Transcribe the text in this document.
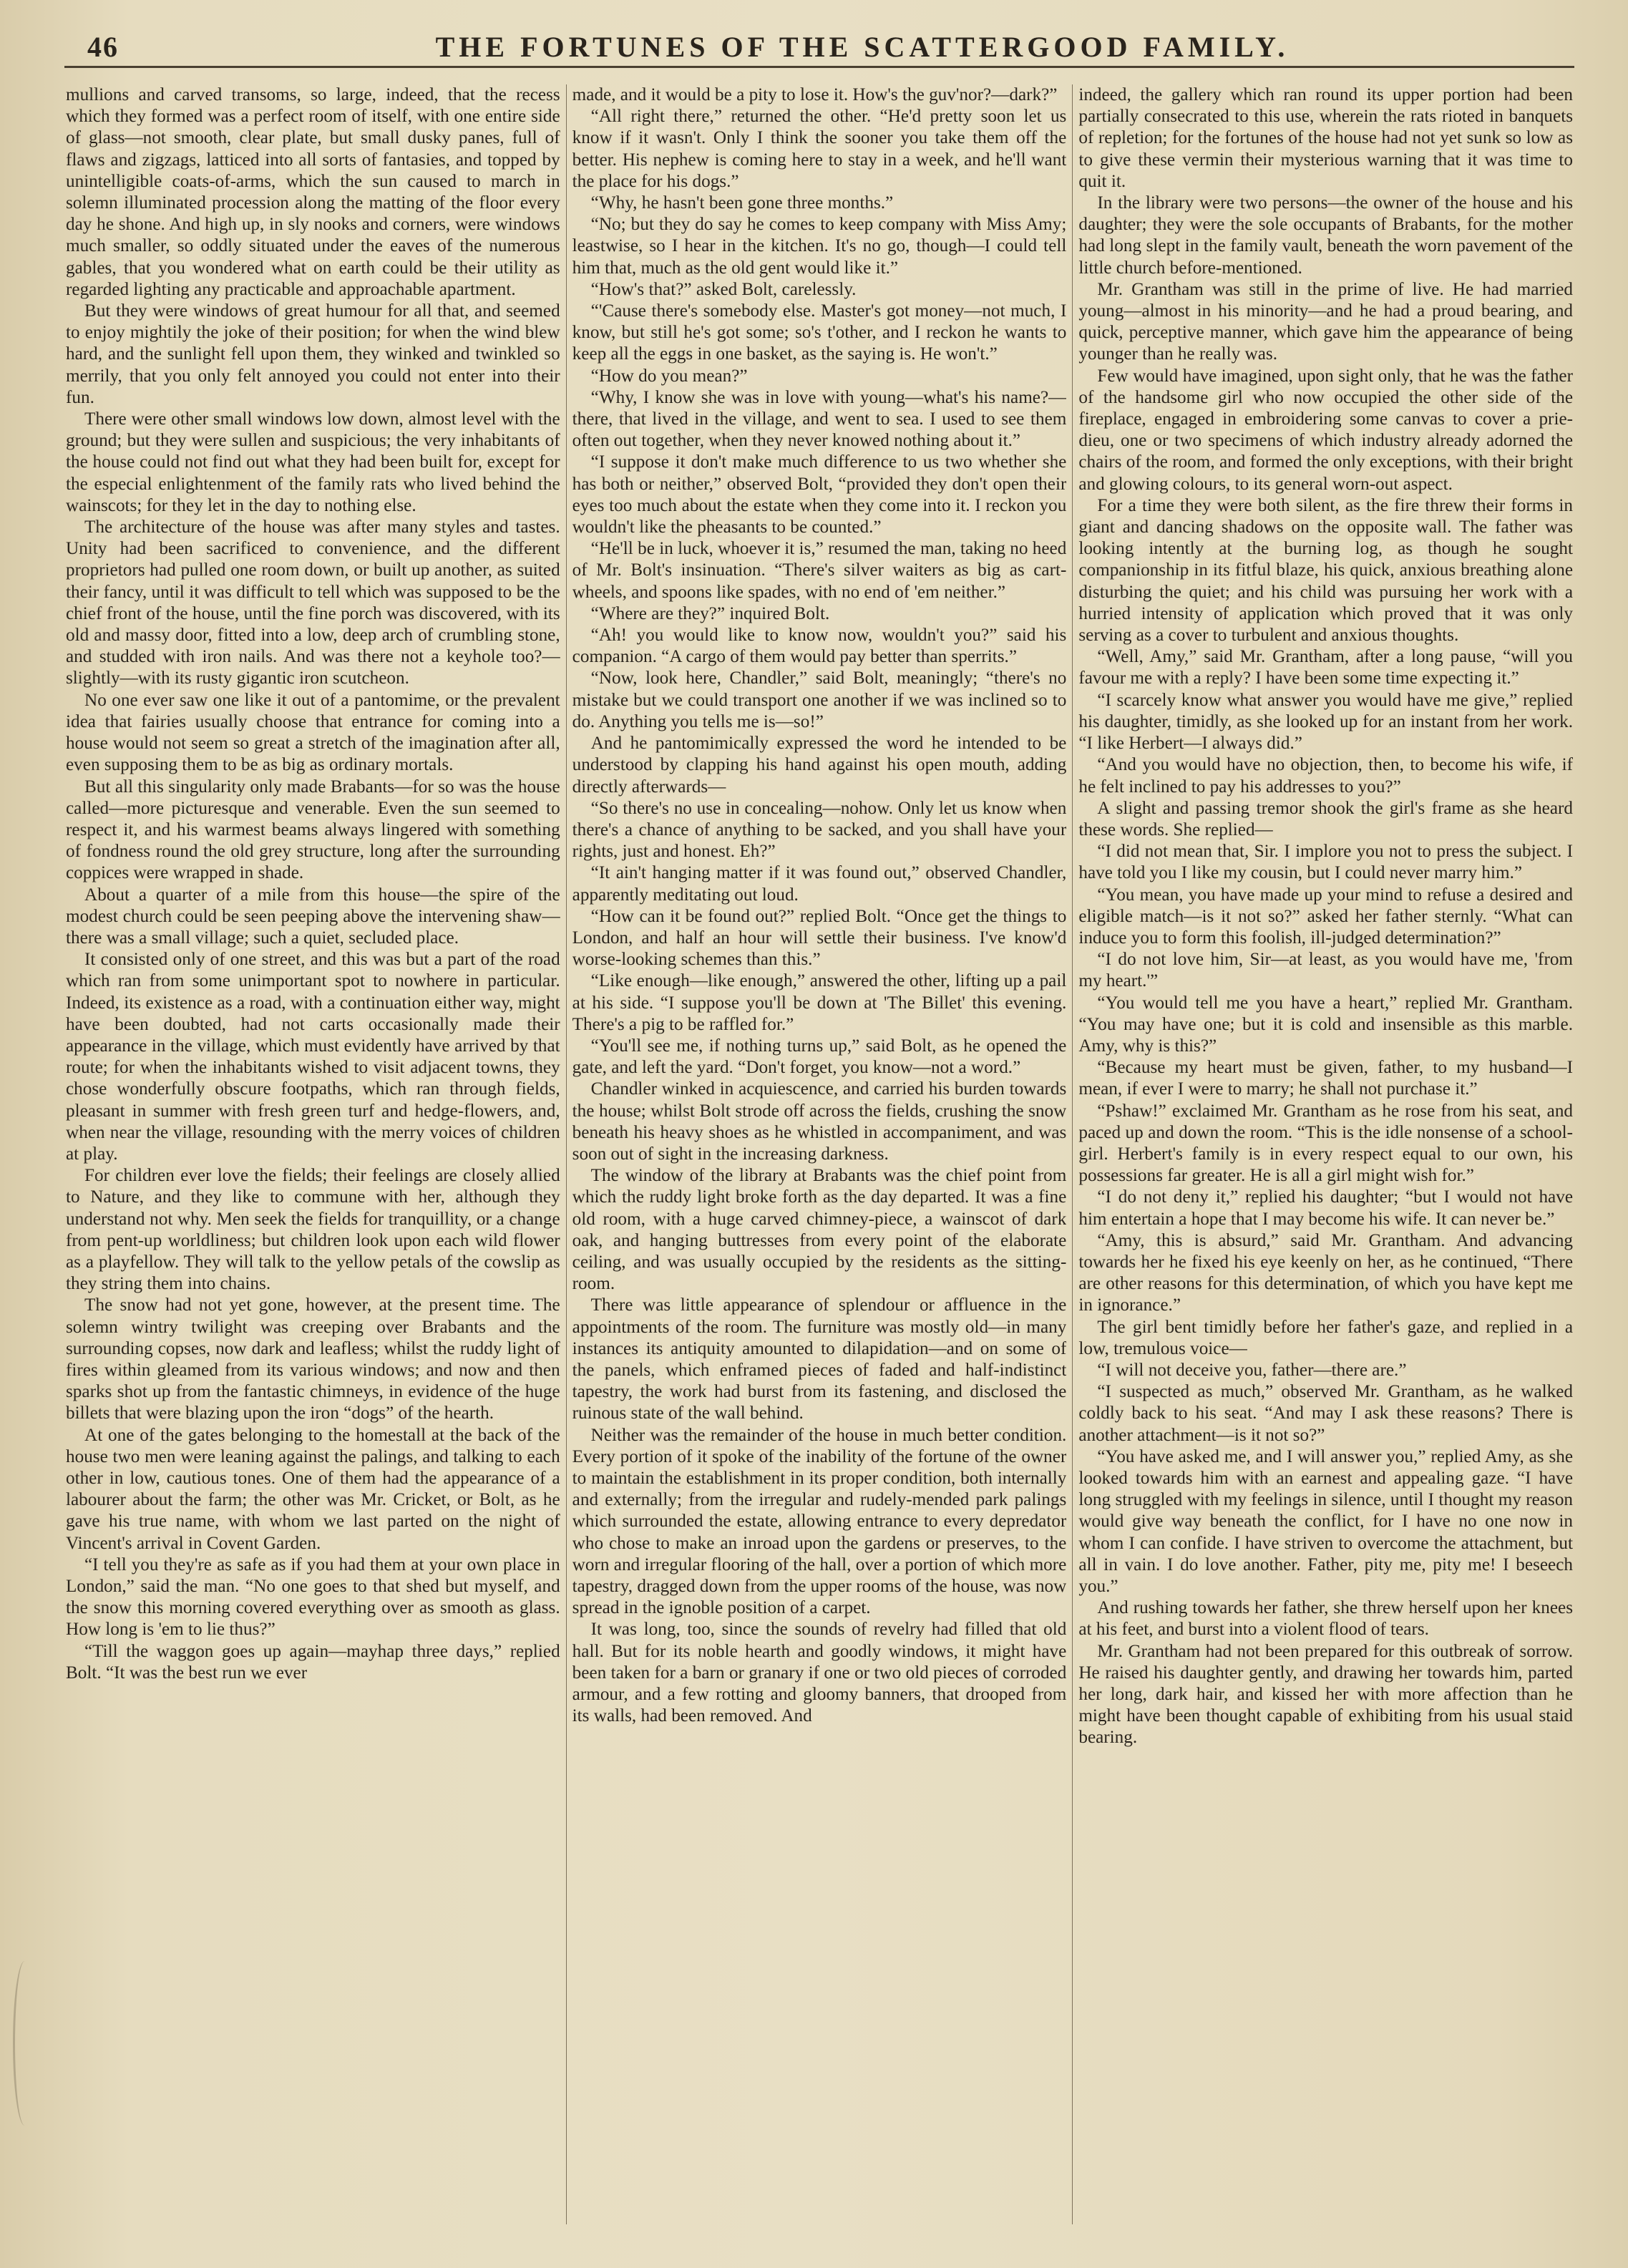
46	THE FORTUNES OF THE SCATTERGOOD FAMILY.

mullions and carved transoms, so large, indeed, that the recess which they formed was a perfect room of itself, with one entire side of glass—not smooth, clear plate, but small dusky panes, full of flaws and zigzags, latticed into all sorts of fantasies, and topped by unintelligible coats-of-arms, which the sun caused to march in solemn illuminated procession along the matting of the floor every day he shone. And high up, in sly nooks and corners, were windows much smaller, so oddly situated under the eaves of the numerous gables, that you wondered what on earth could be their utility as regarded lighting any practicable and approachable apartment.

But they were windows of great humour for all that, and seemed to enjoy mightily the joke of their position; for when the wind blew hard, and the sunlight fell upon them, they winked and twinkled so merrily, that you only felt annoyed you could not enter into their fun.

There were other small windows low down, almost level with the ground; but they were sullen and suspicious; the very inhabitants of the house could not find out what they had been built for, except for the especial enlightenment of the family rats who lived behind the wainscots; for they let in the day to nothing else.

The architecture of the house was after many styles and tastes. Unity had been sacrificed to convenience, and the different proprietors had pulled one room down, or built up another, as suited their fancy, until it was difficult to tell which was supposed to be the chief front of the house, until the fine porch was discovered, with its old and massy door, fitted into a low, deep arch of crumbling stone, and studded with iron nails. And was there not a keyhole too?—slightly—with its rusty gigantic iron scutcheon.

No one ever saw one like it out of a pantomime, or the prevalent idea that fairies usually choose that entrance for coming into a house would not seem so great a stretch of the imagination after all, even supposing them to be as big as ordinary mortals.

But all this singularity only made Brabants—for so was the house called—more picturesque and venerable. Even the sun seemed to respect it, and his warmest beams always lingered with something of fondness round the old grey structure, long after the surrounding coppices were wrapped in shade.

About a quarter of a mile from this house—the spire of the modest church could be seen peeping above the intervening shaw—there was a small village; such a quiet, secluded place.

It consisted only of one street, and this was but a part of the road which ran from some unimportant spot to nowhere in particular. Indeed, its existence as a road, with a continuation either way, might have been doubted, had not carts occasionally made their appearance in the village, which must evidently have arrived by that route; for when the inhabitants wished to visit adjacent towns, they chose wonderfully obscure footpaths, which ran through fields, pleasant in summer with fresh green turf and hedge-flowers, and, when near the village, resounding with the merry voices of children at play.

For children ever love the fields; their feelings are closely allied to Nature, and they like to commune with her, although they understand not why. Men seek the fields for tranquillity, or a change from pent-up worldliness; but children look upon each wild flower as a playfellow. They will talk to the yellow petals of the cowslip as they string them into chains.

The snow had not yet gone, however, at the present time. The solemn wintry twilight was creeping over Brabants and the surrounding copses, now dark and leafless; whilst the ruddy light of fires within gleamed from its various windows; and now and then sparks shot up from the fantastic chimneys, in evidence of the huge billets that were blazing upon the iron “dogs” of the hearth.

At one of the gates belonging to the homestall at the back of the house two men were leaning against the palings, and talking to each other in low, cautious tones. One of them had the appearance of a labourer about the farm; the other was Mr. Cricket, or Bolt, as he gave his true name, with whom we last parted on the night of Vincent's arrival in Covent Garden.

“I tell you they're as safe as if you had them at your own place in London,” said the man. “No one goes to that shed but myself, and the snow this morning covered everything over as smooth as glass. How long is 'em to lie thus?”

“Till the waggon goes up again—mayhap three days,” replied Bolt. “It was the best run we ever

made, and it would be a pity to lose it. How's the guv'nor?—dark?”

“All right there,” returned the other. “He'd pretty soon let us know if it wasn't. Only I think the sooner you take them off the better. His nephew is coming here to stay in a week, and he'll want the place for his dogs.”

“Why, he hasn't been gone three months.”

“No; but they do say he comes to keep company with Miss Amy; leastwise, so I hear in the kitchen. It's no go, though—I could tell him that, much as the old gent would like it.”

“How's that?” asked Bolt, carelessly.

“'Cause there's somebody else. Master's got money—not much, I know, but still he's got some; so's t'other, and I reckon he wants to keep all the eggs in one basket, as the saying is. He won't.”

“How do you mean?”

“Why, I know she was in love with young—what's his name?—there, that lived in the village, and went to sea. I used to see them often out together, when they never knowed nothing about it.”

“I suppose it don't make much difference to us two whether she has both or neither,” observed Bolt, “provided they don't open their eyes too much about the estate when they come into it. I reckon you wouldn't like the pheasants to be counted.”

“He'll be in luck, whoever it is,” resumed the man, taking no heed of Mr. Bolt's insinuation. “There's silver waiters as big as cart-wheels, and spoons like spades, with no end of 'em neither.”

“Where are they?” inquired Bolt.

“Ah! you would like to know now, wouldn't you?” said his companion. “A cargo of them would pay better than sperrits.”

“Now, look here, Chandler,” said Bolt, meaningly; “there's no mistake but we could transport one another if we was inclined so to do. Anything you tells me is—so!”

And he pantomimically expressed the word he intended to be understood by clapping his hand against his open mouth, adding directly afterwards—

“So there's no use in concealing—nohow. Only let us know when there's a chance of anything to be sacked, and you shall have your rights, just and honest. Eh?”

“It ain't hanging matter if it was found out,” observed Chandler, apparently meditating out loud.

“How can it be found out?” replied Bolt. “Once get the things to London, and half an hour will settle their business. I've know'd worse-looking schemes than this.”

“Like enough—like enough,” answered the other, lifting up a pail at his side. “I suppose you'll be down at 'The Billet' this evening. There's a pig to be raffled for.”

“You'll see me, if nothing turns up,” said Bolt, as he opened the gate, and left the yard. “Don't forget, you know—not a word.”

Chandler winked in acquiescence, and carried his burden towards the house; whilst Bolt strode off across the fields, crushing the snow beneath his heavy shoes as he whistled in accompaniment, and was soon out of sight in the increasing darkness.

The window of the library at Brabants was the chief point from which the ruddy light broke forth as the day departed. It was a fine old room, with a huge carved chimney-piece, a wainscot of dark oak, and hanging buttresses from every point of the elaborate ceiling, and was usually occupied by the residents as the sitting-room.

There was little appearance of splendour or affluence in the appointments of the room. The furniture was mostly old—in many instances its antiquity amounted to dilapidation—and on some of the panels, which enframed pieces of faded and half-indistinct tapestry, the work had burst from its fastening, and disclosed the ruinous state of the wall behind.

Neither was the remainder of the house in much better condition. Every portion of it spoke of the inability of the fortune of the owner to maintain the establishment in its proper condition, both internally and externally; from the irregular and rudely-mended park palings which surrounded the estate, allowing entrance to every depredator who chose to make an inroad upon the gardens or preserves, to the worn and irregular flooring of the hall, over a portion of which more tapestry, dragged down from the upper rooms of the house, was now spread in the ignoble position of a carpet.

It was long, too, since the sounds of revelry had filled that old hall. But for its noble hearth and goodly windows, it might have been taken for a barn or granary if one or two old pieces of corroded armour, and a few rotting and gloomy banners, that drooped from its walls, had been removed. And

indeed, the gallery which ran round its upper portion had been partially consecrated to this use, wherein the rats rioted in banquets of repletion; for the fortunes of the house had not yet sunk so low as to give these vermin their mysterious warning that it was time to quit it.

In the library were two persons—the owner of the house and his daughter; they were the sole occupants of Brabants, for the mother had long slept in the family vault, beneath the worn pavement of the little church before-mentioned.

Mr. Grantham was still in the prime of live. He had married young—almost in his minority—and he had a proud bearing, and quick, perceptive manner, which gave him the appearance of being younger than he really was.

Few would have imagined, upon sight only, that he was the father of the handsome girl who now occupied the other side of the fireplace, engaged in embroidering some canvas to cover a prie-dieu, one or two specimens of which industry already adorned the chairs of the room, and formed the only exceptions, with their bright and glowing colours, to its general worn-out aspect.

For a time they were both silent, as the fire threw their forms in giant and dancing shadows on the opposite wall. The father was looking intently at the burning log, as though he sought companionship in its fitful blaze, his quick, anxious breathing alone disturbing the quiet; and his child was pursuing her work with a hurried intensity of application which proved that it was only serving as a cover to turbulent and anxious thoughts.

“Well, Amy,” said Mr. Grantham, after a long pause, “will you favour me with a reply? I have been some time expecting it.”

“I scarcely know what answer you would have me give,” replied his daughter, timidly, as she looked up for an instant from her work. “I like Herbert—I always did.”

“And you would have no objection, then, to become his wife, if he felt inclined to pay his addresses to you?”

A slight and passing tremor shook the girl's frame as she heard these words. She replied—

“I did not mean that, Sir. I implore you not to press the subject. I have told you I like my cousin, but I could never marry him.”

“You mean, you have made up your mind to refuse a desired and eligible match—is it not so?” asked her father sternly. “What can induce you to form this foolish, ill-judged determination?”

“I do not love him, Sir—at least, as you would have me, 'from my heart.'”

“You would tell me you have a heart,” replied Mr. Grantham. “You may have one; but it is cold and insensible as this marble. Amy, why is this?”

“Because my heart must be given, father, to my husband—I mean, if ever I were to marry; he shall not purchase it.”

“Pshaw!” exclaimed Mr. Grantham as he rose from his seat, and paced up and down the room. “This is the idle nonsense of a school-girl. Herbert's family is in every respect equal to our own, his possessions far greater. He is all a girl might wish for.”

“I do not deny it,” replied his daughter; “but I would not have him entertain a hope that I may become his wife. It can never be.”

“Amy, this is absurd,” said Mr. Grantham. And advancing towards her he fixed his eye keenly on her, as he continued, “There are other reasons for this determination, of which you have kept me in ignorance.”

The girl bent timidly before her father's gaze, and replied in a low, tremulous voice—

“I will not deceive you, father—there are.”

“I suspected as much,” observed Mr. Grantham, as he walked coldly back to his seat. “And may I ask these reasons? There is another attachment—is it not so?”

“You have asked me, and I will answer you,” replied Amy, as she looked towards him with an earnest and appealing gaze. “I have long struggled with my feelings in silence, until I thought my reason would give way beneath the conflict, for I have no one now in whom I can confide. I have striven to overcome the attachment, but all in vain. I do love another. Father, pity me, pity me! I beseech you.”

And rushing towards her father, she threw herself upon her knees at his feet, and burst into a violent flood of tears.

Mr. Grantham had not been prepared for this outbreak of sorrow. He raised his daughter gently, and drawing her towards him, parted her long, dark hair, and kissed her with more affection than he might have been thought capable of exhibiting from his usual staid bearing.
